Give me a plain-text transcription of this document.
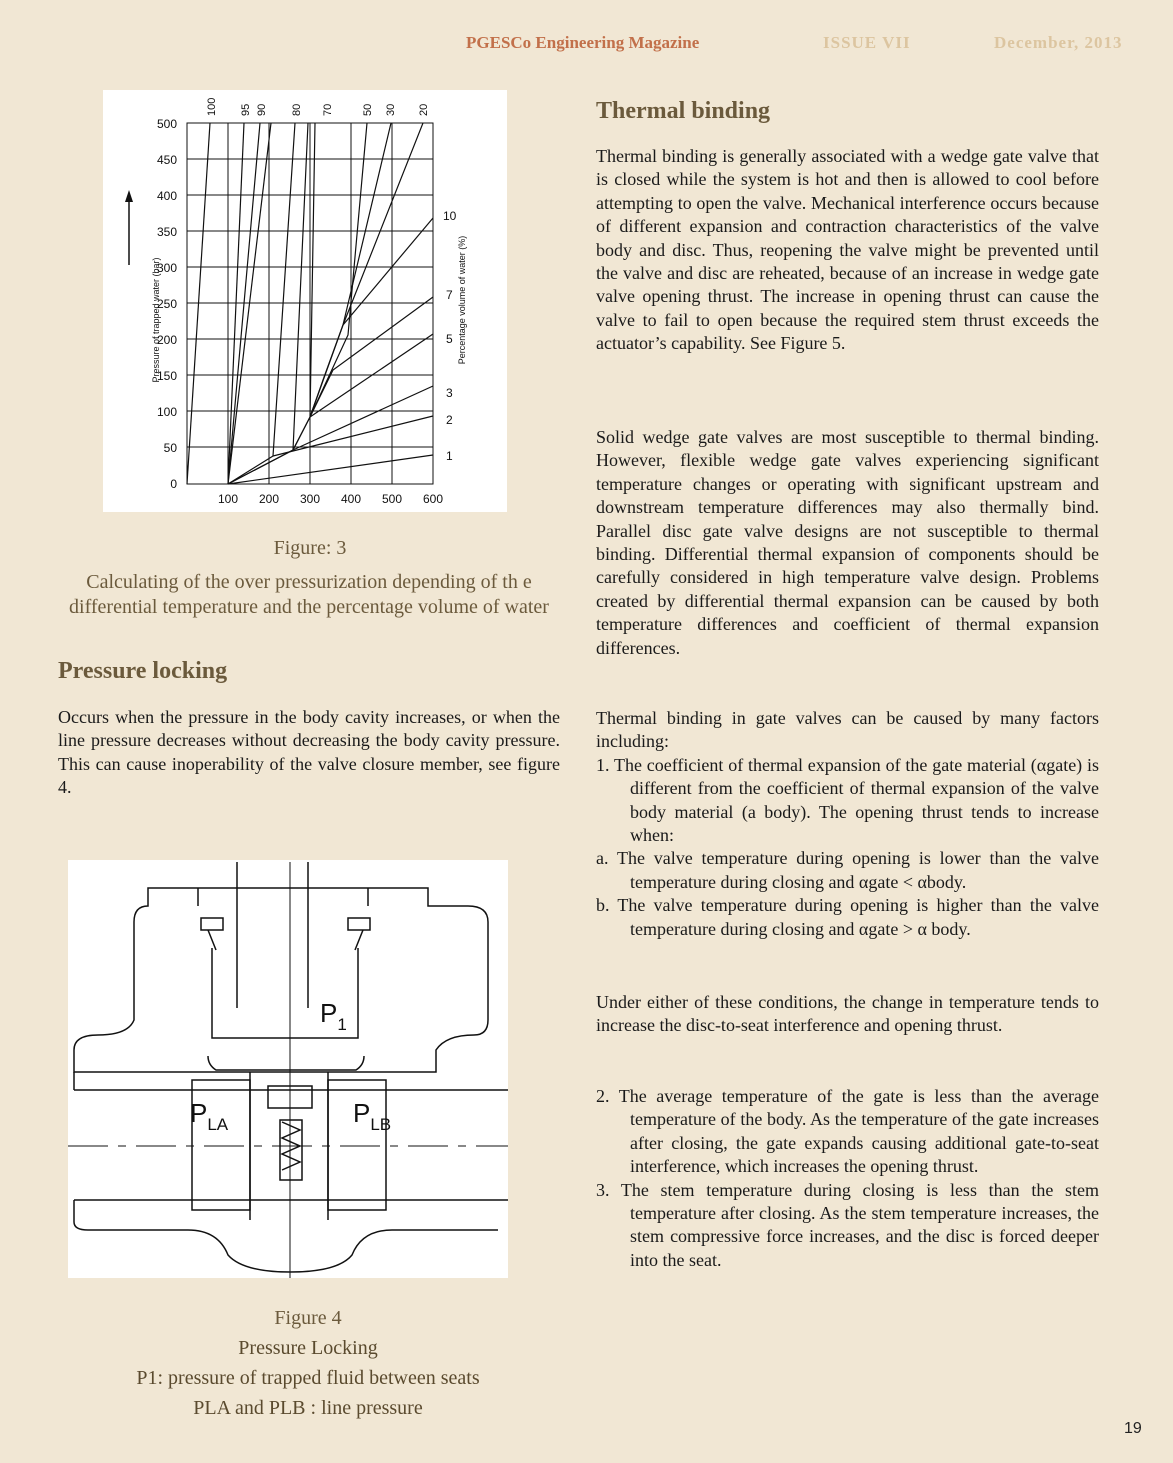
PGESCo Engineering Magazine	ISSUE VII	December, 2013
500
450
400
350
300
250
200
150
100
50
0
Pressure of trapped water (bar)
100 95 90 80 70	50 30 20
10
7
5
3
2
1
Percentage volume of water (%)
100 200 300 400 500 600
Figure: 3
Calculating of the over pressurization depending of th e differential temperature and the percentage volume of water
Pressure locking
Occurs when the pressure in the body cavity increases, or when the line pressure decreases without decreasing the body cavity pressure. This can cause inoperability of the valve closure member, see figure 4.
$P_1$
$P_{LA}$	$P_{LB}$
Figure 4
Pressure Locking
P1: pressure of trapped fluid between seats
PLA and PLB : line pressure
Thermal binding
Thermal binding is generally associated with a wedge gate valve that is closed while the system is hot and then is allowed to cool before attempting to open the valve. Mechanical interference occurs because of different expansion and contraction characteristics of the valve body and disc. Thus, reopening the valve might be prevented until the valve and disc are reheated, because of an increase in wedge gate valve opening thrust. The increase in opening thrust can cause the valve to fail to open because the required stem thrust exceeds the actuator’s capability. See Figure 5.
Solid wedge gate valves are most susceptible to thermal binding. However, flexible wedge gate valves experiencing significant temperature changes or operating with significant upstream and downstream temperature differences may also thermally bind. Parallel disc gate valve designs are not susceptible to thermal binding. Differential thermal expansion of components should be carefully considered in high temperature valve design. Problems created by differential thermal expansion can be caused by both temperature differences and coefficient of thermal expansion differences.
Thermal binding in gate valves can be caused by many factors including:
1. The coefficient of thermal expansion of the gate material (αgate) is different from the coefficient of thermal expansion of the valve body material (a body). The opening thrust tends to increase when:
a. The valve temperature during opening is lower than the valve temperature during closing and αgate < αbody.
b. The valve temperature during opening is higher than the valve temperature during closing and αgate > α body.
Under either of these conditions, the change in temperature tends to increase the disc-to-seat interference and opening thrust.
2. The average temperature of the gate is less than the average temperature of the body. As the temperature of the gate increases after closing, the gate expands causing additional gate-to-seat interference, which increases the opening thrust.
3. The stem temperature during closing is less than the stem temperature after closing. As the stem temperature increases, the stem compressive force increases, and the disc is forced deeper into the seat.
19
